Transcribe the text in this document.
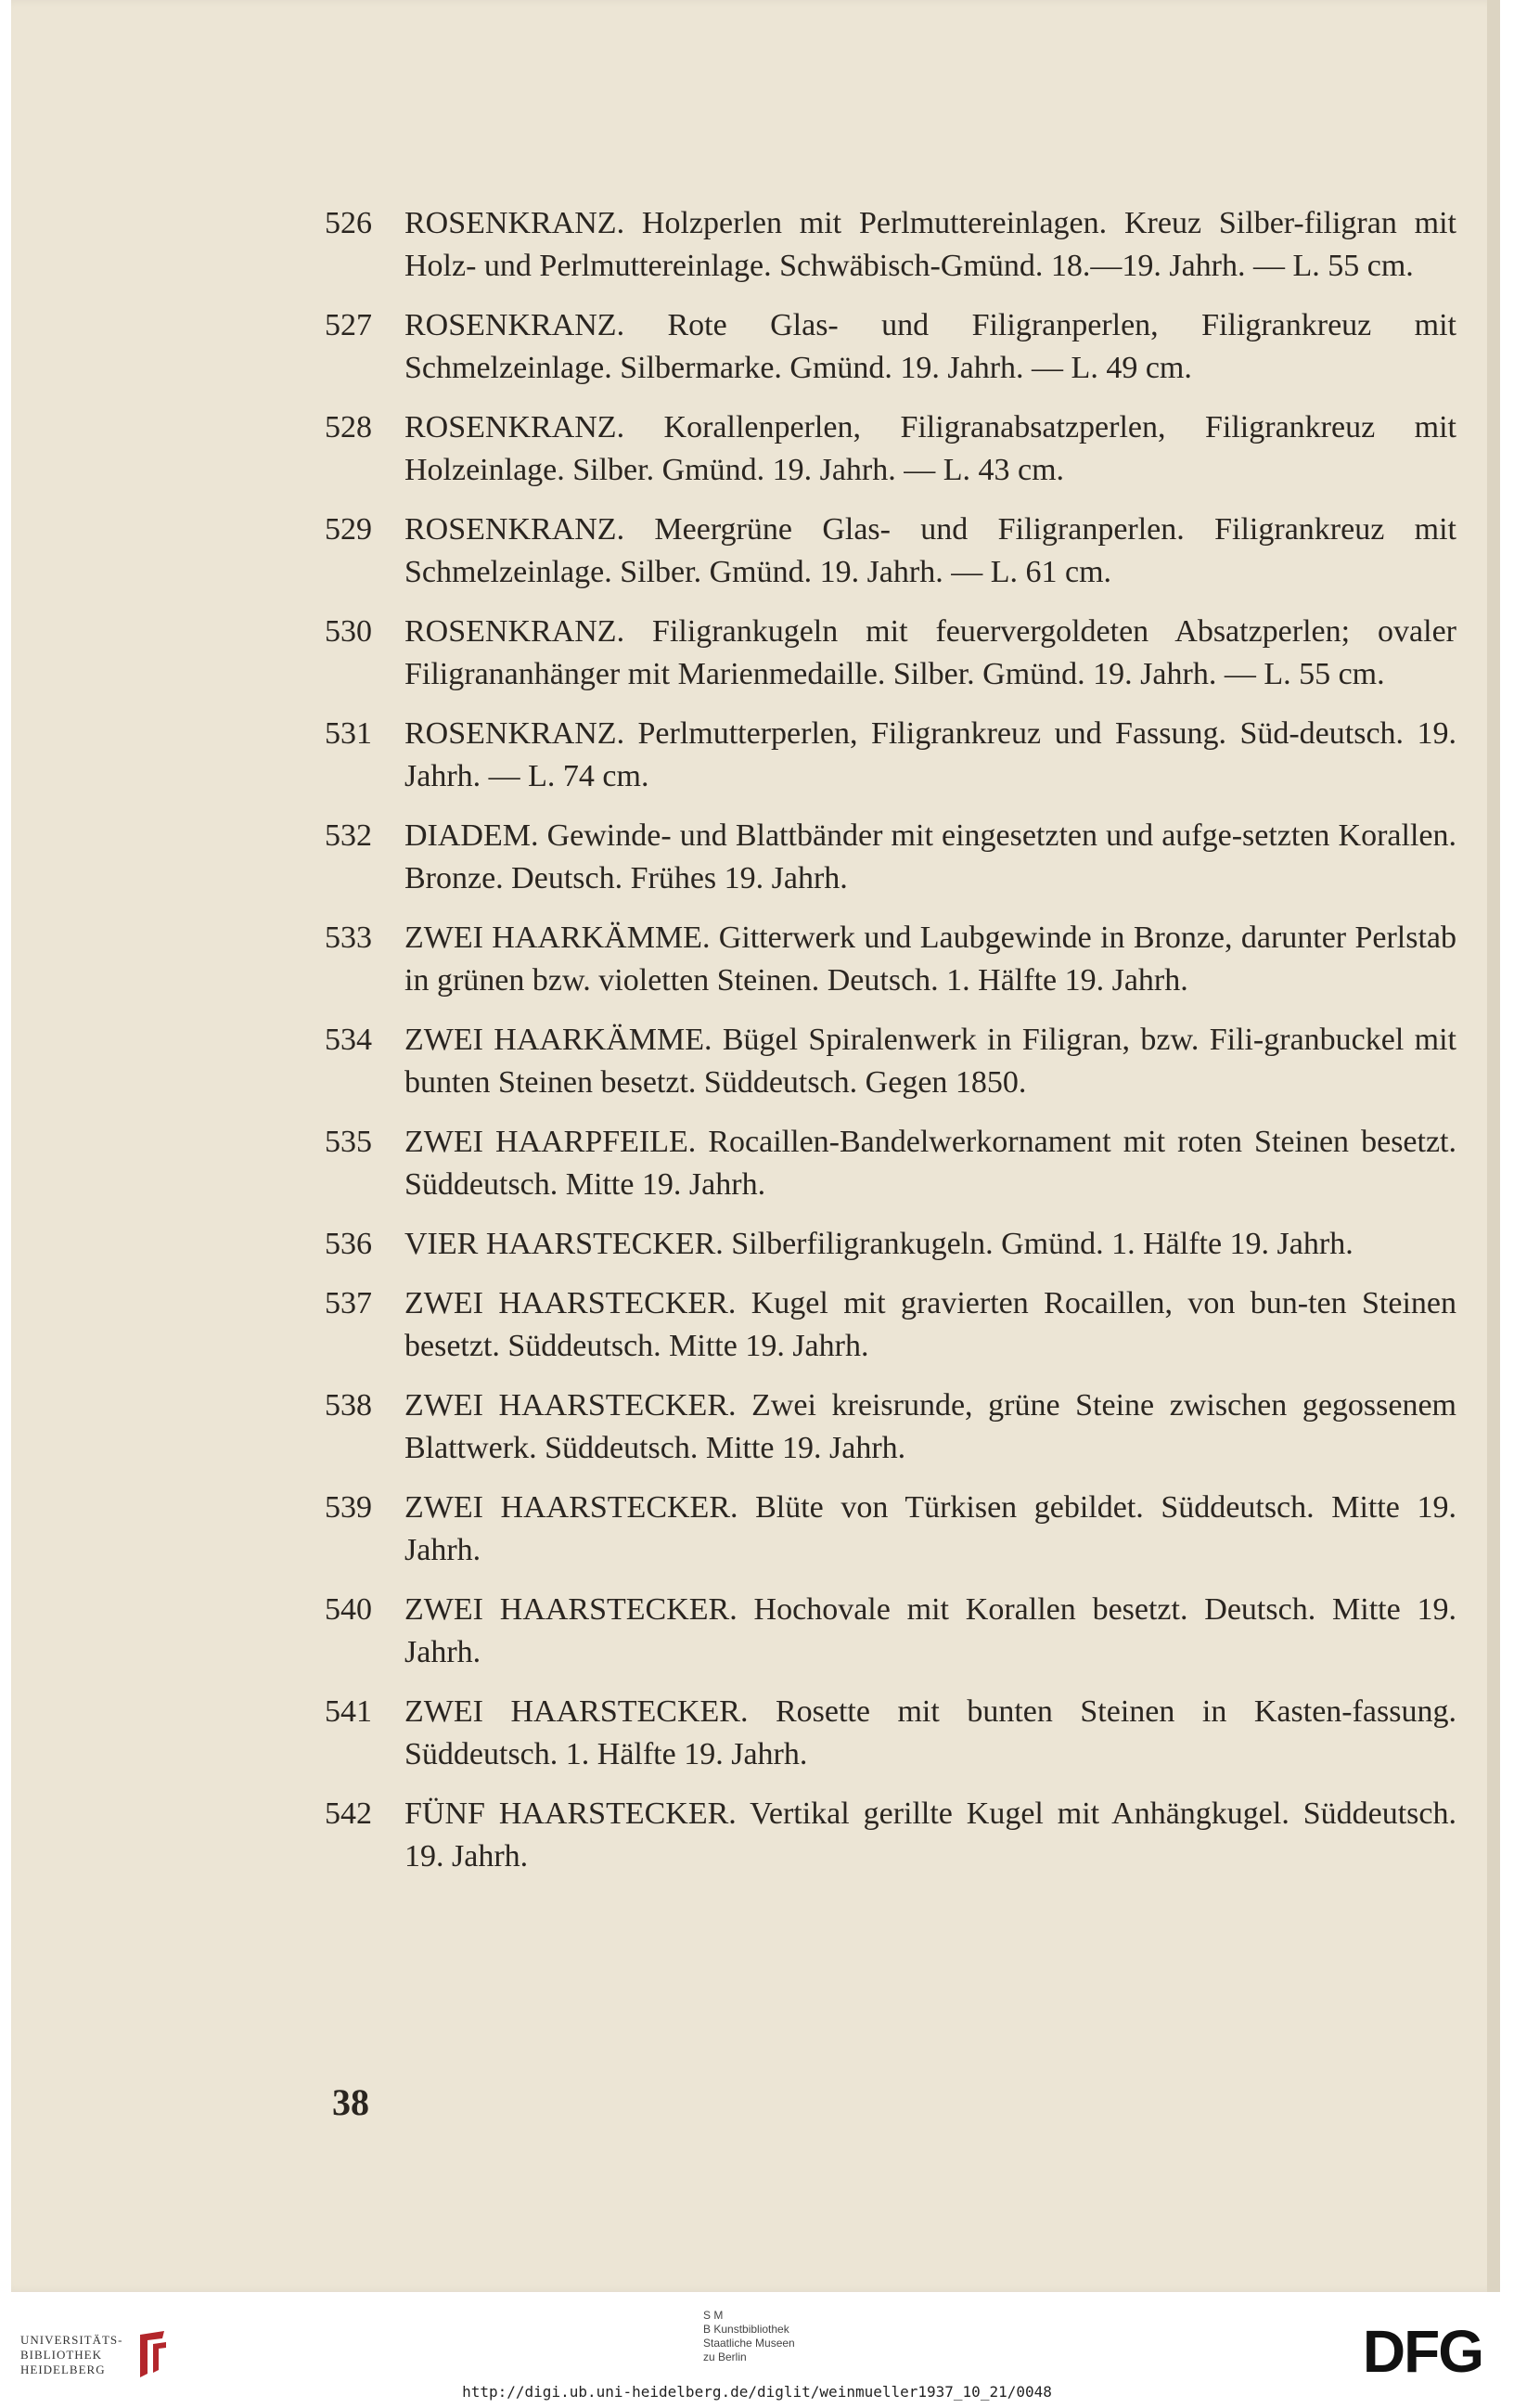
526	ROSENKRANZ. Holzperlen mit Perlmuttereinlagen. Kreuz Silber-filigran mit Holz- und Perlmuttereinlage. Schwäbisch-Gmünd. 18.—19. Jahrh. — L. 55 cm.
527	ROSENKRANZ. Rote Glas- und Filigranperlen, Filigrankreuz mit Schmelzeinlage. Silbermarke. Gmünd. 19. Jahrh. — L. 49 cm.
528	ROSENKRANZ. Korallenperlen, Filigranabsatzperlen, Filigrankreuz mit Holzeinlage. Silber. Gmünd. 19. Jahrh. — L. 43 cm.
529	ROSENKRANZ. Meergrüne Glas- und Filigranperlen. Filigrankreuz mit Schmelzeinlage. Silber. Gmünd. 19. Jahrh. — L. 61 cm.
530	ROSENKRANZ. Filigrankugeln mit feuervergoldeten Absatzperlen; ovaler Filigrananhänger mit Marienmedaille. Silber. Gmünd. 19. Jahrh. — L. 55 cm.
531	ROSENKRANZ. Perlmutterperlen, Filigrankreuz und Fassung. Süd-deutsch. 19. Jahrh. — L. 74 cm.
532	DIADEM. Gewinde- und Blattbänder mit eingesetzten und aufge-setzten Korallen. Bronze. Deutsch. Frühes 19. Jahrh.
533	ZWEI HAARKÄMME. Gitterwerk und Laubgewinde in Bronze, darunter Perlstab in grünen bzw. violetten Steinen. Deutsch. 1. Hälfte 19. Jahrh.
534	ZWEI HAARKÄMME. Bügel Spiralenwerk in Filigran, bzw. Fili-granbuckel mit bunten Steinen besetzt. Süddeutsch. Gegen 1850.
535	ZWEI HAARPFEILE. Rocaillen-Bandelwerkornament mit roten Steinen besetzt. Süddeutsch. Mitte 19. Jahrh.
536	VIER HAARSTECKER. Silberfiligrankugeln. Gmünd. 1. Hälfte 19. Jahrh.
537	ZWEI HAARSTECKER. Kugel mit gravierten Rocaillen, von bun-ten Steinen besetzt. Süddeutsch. Mitte 19. Jahrh.
538	ZWEI HAARSTECKER. Zwei kreisrunde, grüne Steine zwischen gegossenem Blattwerk. Süddeutsch. Mitte 19. Jahrh.
539	ZWEI HAARSTECKER. Blüte von Türkisen gebildet. Süddeutsch. Mitte 19. Jahrh.
540	ZWEI HAARSTECKER. Hochovale mit Korallen besetzt. Deutsch. Mitte 19. Jahrh.
541	ZWEI HAARSTECKER. Rosette mit bunten Steinen in Kasten-fassung. Süddeutsch. 1. Hälfte 19. Jahrh.
542	FÜNF HAARSTECKER. Vertikal gerillte Kugel mit Anhängkugel. Süddeutsch. 19. Jahrh.
38
UNIVERSITÄTS-
BIBLIOTHEK
HEIDELBERG
S M
B Kunstbibliothek
Staatliche Museen
zu Berlin	DFG
http://digi.ub.uni-heidelberg.de/diglit/weinmueller1937_10_21/0048
